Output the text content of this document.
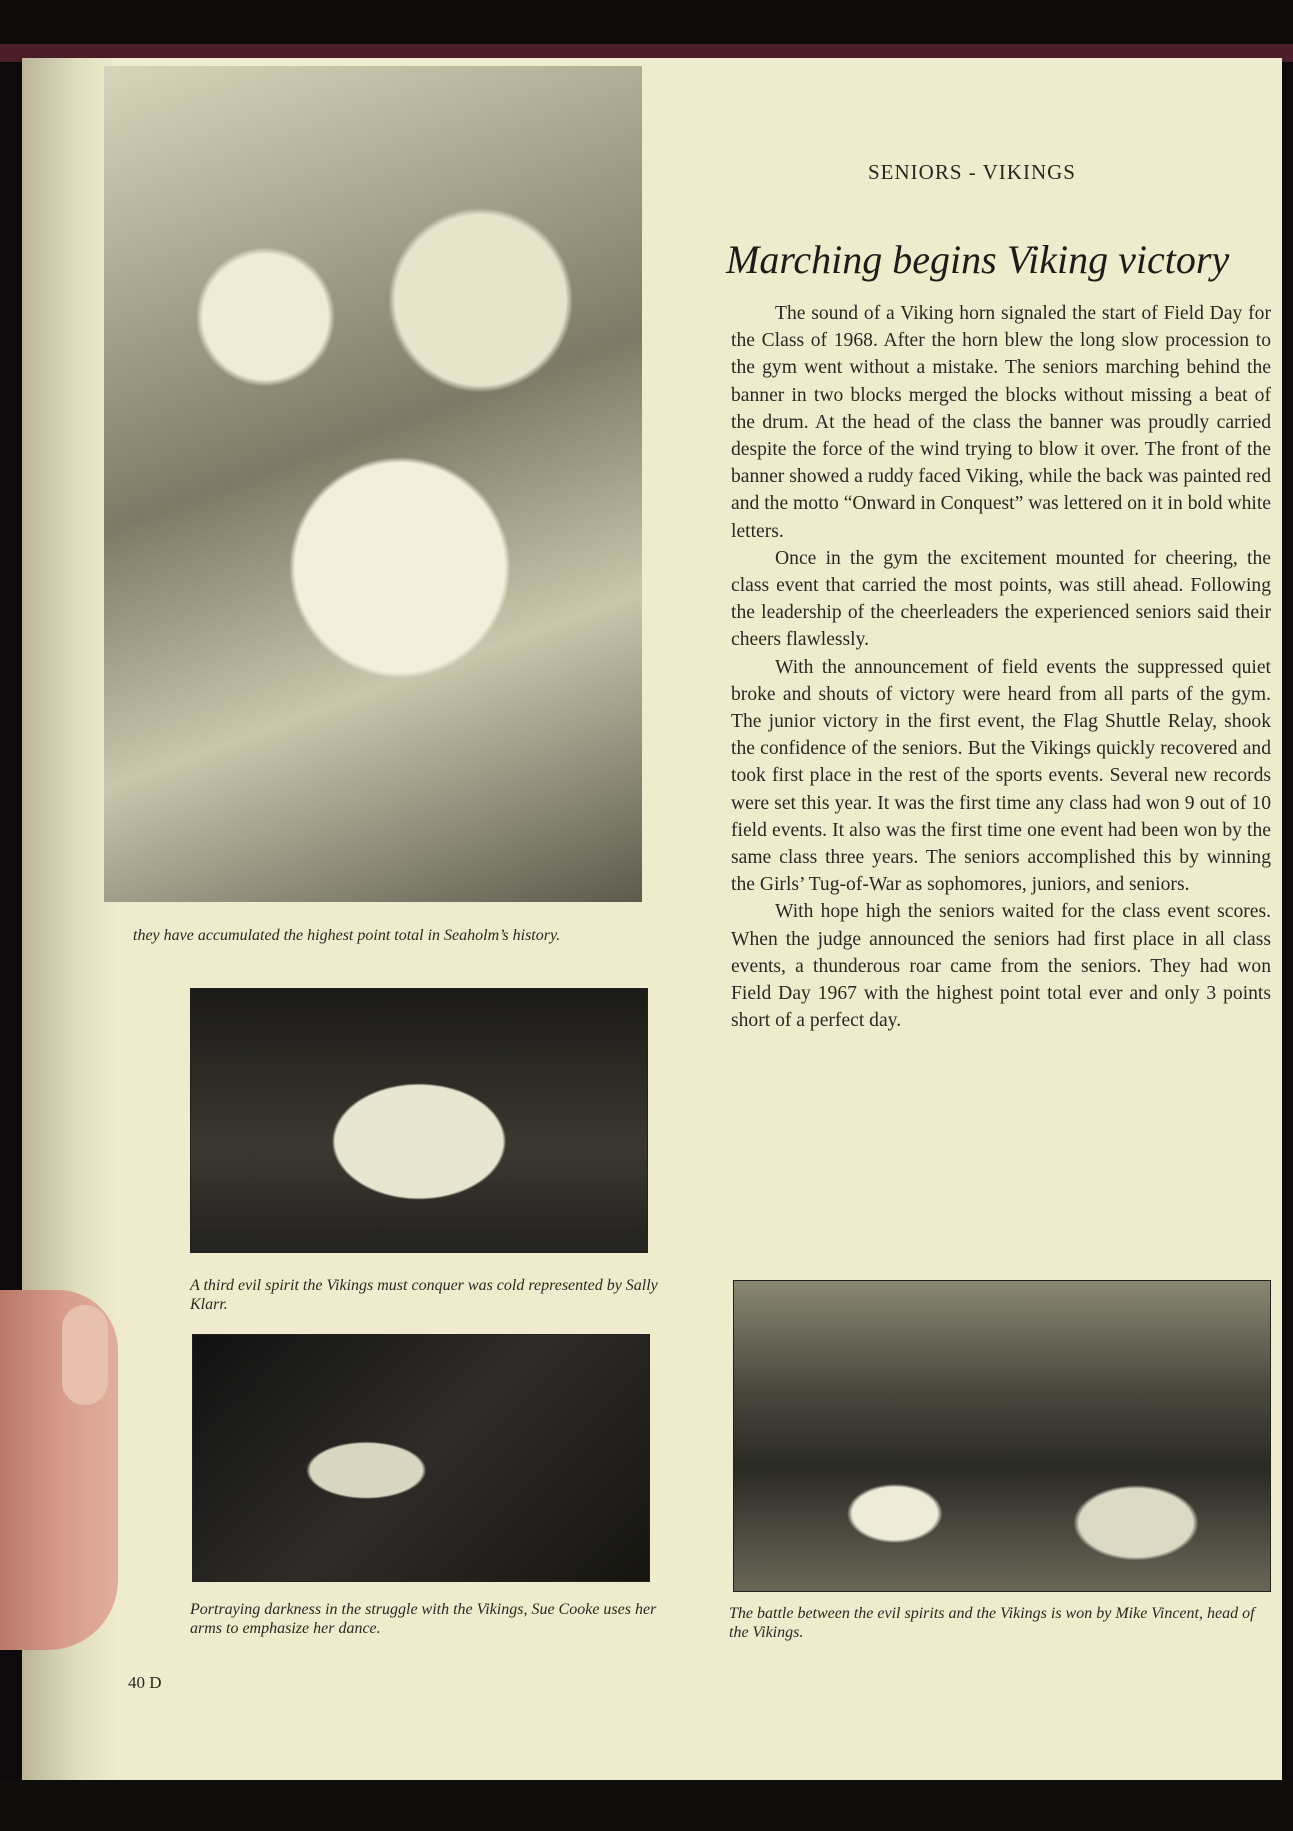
they have accumulated the highest point total in Seaholm’s history.
A third evil spirit the Vikings must conquer was cold represented by Sally Klarr.
Portraying darkness in the struggle with the Vikings, Sue Cooke uses her arms to emphasize her dance.
SENIORS - VIKINGS
Marching begins Viking victory

The sound of a Viking horn signaled the start of Field Day for the Class of 1968. After the horn blew the long slow procession to the gym went without a mistake. The seniors marching behind the banner in two blocks merged the blocks without missing a beat of the drum. At the head of the class the banner was proudly carried despite the force of the wind trying to blow it over. The front of the banner showed a ruddy faced Viking, while the back was painted red and the motto “Onward in Conquest” was lettered on it in bold white letters.

Once in the gym the excitement mounted for cheering, the class event that carried the most points, was still ahead. Following the leadership of the cheerleaders the experienced seniors said their cheers flawlessly.

With the announcement of field events the suppressed quiet broke and shouts of victory were heard from all parts of the gym. The junior victory in the first event, the Flag Shuttle Relay, shook the confidence of the seniors. But the Vikings quickly recovered and took first place in the rest of the sports events. Several new records were set this year. It was the first time any class had won 9 out of 10 field events. It also was the first time one event had been won by the same class three years. The seniors accomplished this by winning the Girls’ Tug-of-War as sophomores, juniors, and seniors.

With hope high the seniors waited for the class event scores. When the judge announced the seniors had first place in all class events, a thunderous roar came from the seniors. They had won Field Day 1967 with the highest point total ever and only 3 points short of a perfect day.

The battle between the evil spirits and the Vikings is won by Mike Vincent, head of the Vikings.
40 D
